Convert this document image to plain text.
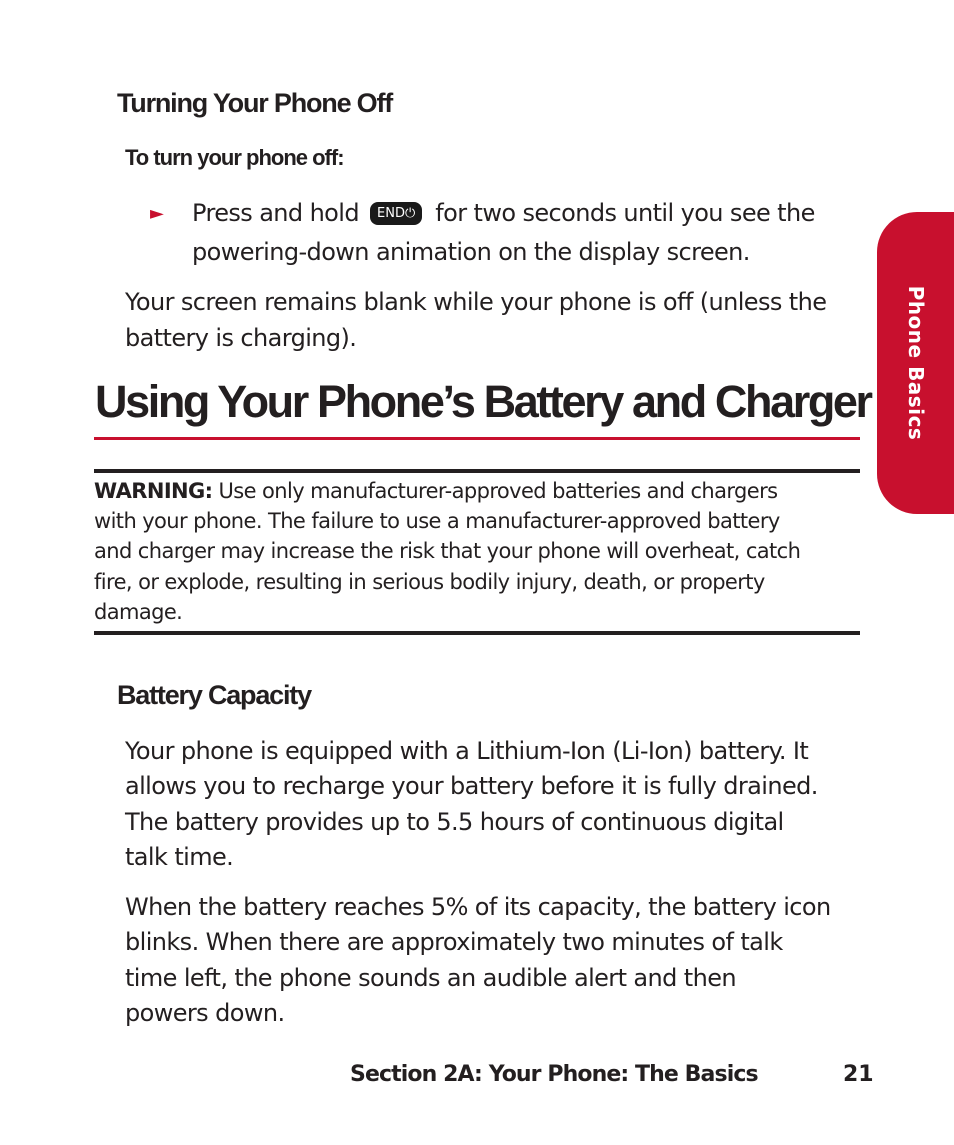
Turning Your Phone Off
To turn your phone off:
► Press and hold END⏻ for two seconds until you see the
powering-down animation on the display screen.
Your screen remains blank while your phone is off (unless the
battery is charging).
Using Your Phone’s Battery and Charger
WARNING: Use only manufacturer-approved batteries and chargers
with your phone. The failure to use a manufacturer-approved battery
and charger may increase the risk that your phone will overheat, catch
fire, or explode, resulting in serious bodily injury, death, or property
damage.
Battery Capacity
Your phone is equipped with a Lithium-Ion (Li-Ion) battery. It
allows you to recharge your battery before it is fully drained.
The battery provides up to 5.5 hours of continuous digital
talk time.
When the battery reaches 5% of its capacity, the battery icon
blinks. When there are approximately two minutes of talk
time left, the phone sounds an audible alert and then
powers down.
Section 2A: Your Phone: The Basics	21
Phone Basics
